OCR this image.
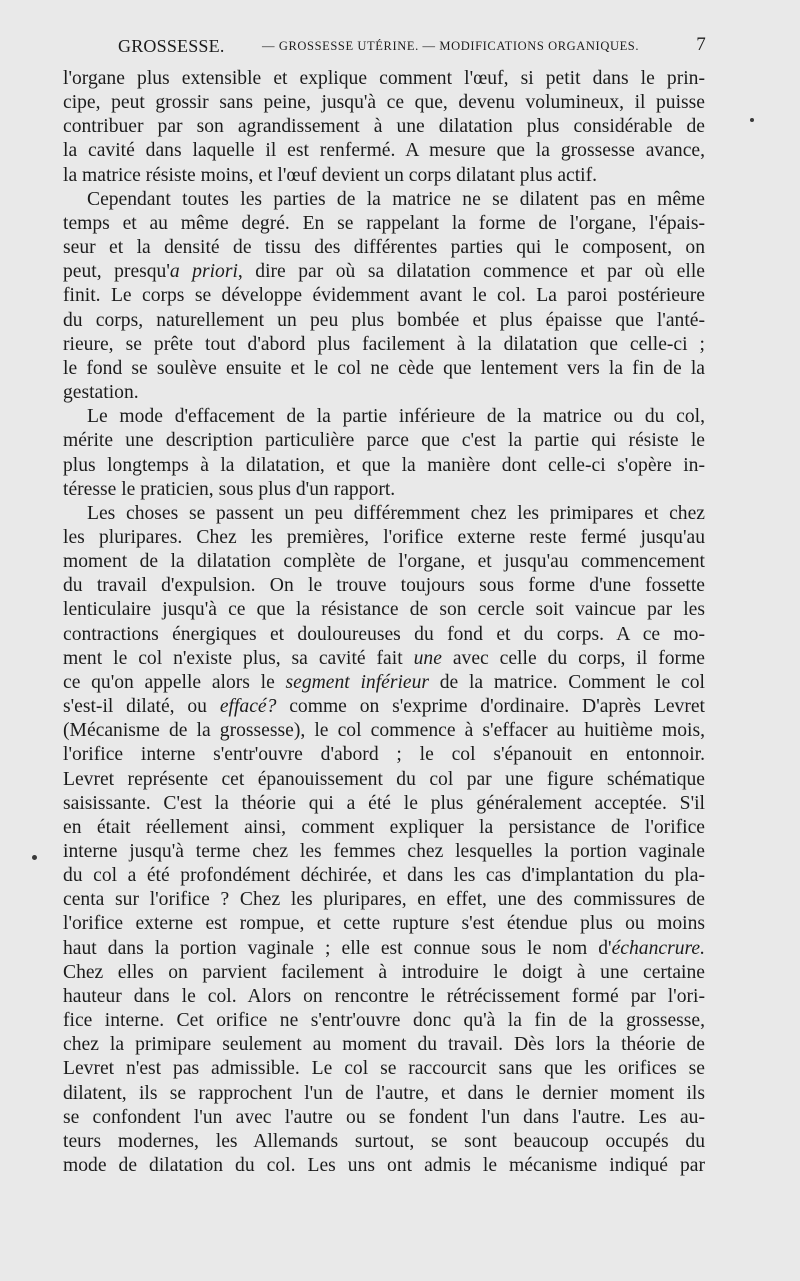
GROSSESSE.	— GROSSESSE UTÉRINE. — MODIFICATIONS ORGANIQUES.	7
l'organe plus extensible et explique comment l'œuf, si petit dans le prin-
cipe, peut grossir sans peine, jusqu'à ce que, devenu volumineux, il puisse
contribuer par son agrandissement à une dilatation plus considérable de
la cavité dans laquelle il est renfermé. A mesure que la grossesse avance,
la matrice résiste moins, et l'œuf devient un corps dilatant plus actif.
Cependant toutes les parties de la matrice ne se dilatent pas en même
temps et au même degré. En se rappelant la forme de l'organe, l'épais-
seur et la densité de tissu des différentes parties qui le composent, on
peut, presqu'a priori, dire par où sa dilatation commence et par où elle
finit. Le corps se développe évidemment avant le col. La paroi postérieure
du corps, naturellement un peu plus bombée et plus épaisse que l'anté-
rieure, se prête tout d'abord plus facilement à la dilatation que celle-ci ;
le fond se soulève ensuite et le col ne cède que lentement vers la fin de la
gestation.
Le mode d'effacement de la partie inférieure de la matrice ou du col,
mérite une description particulière parce que c'est la partie qui résiste le
plus longtemps à la dilatation, et que la manière dont celle-ci s'opère in-
téresse le praticien, sous plus d'un rapport.
Les choses se passent un peu différemment chez les primipares et chez
les pluripares. Chez les premières, l'orifice externe reste fermé jusqu'au
moment de la dilatation complète de l'organe, et jusqu'au commencement
du travail d'expulsion. On le trouve toujours sous forme d'une fossette
lenticulaire jusqu'à ce que la résistance de son cercle soit vaincue par les
contractions énergiques et douloureuses du fond et du corps. A ce mo-
ment le col n'existe plus, sa cavité fait une avec celle du corps, il forme
ce qu'on appelle alors le segment inférieur de la matrice. Comment le col
s'est-il dilaté, ou effacé? comme on s'exprime d'ordinaire. D'après Levret
(Mécanisme de la grossesse), le col commence à s'effacer au huitième mois,
l'orifice interne s'entr'ouvre d'abord ; le col s'épanouit en entonnoir.
Levret représente cet épanouissement du col par une figure schématique
saisissante. C'est la théorie qui a été le plus généralement acceptée. S'il
en était réellement ainsi, comment expliquer la persistance de l'orifice
interne jusqu'à terme chez les femmes chez lesquelles la portion vaginale
du col a été profondément déchirée, et dans les cas d'implantation du pla-
centa sur l'orifice ? Chez les pluripares, en effet, une des commissures de
l'orifice externe est rompue, et cette rupture s'est étendue plus ou moins
haut dans la portion vaginale ; elle est connue sous le nom d'échancrure.
Chez elles on parvient facilement à introduire le doigt à une certaine
hauteur dans le col. Alors on rencontre le rétrécissement formé par l'ori-
fice interne. Cet orifice ne s'entr'ouvre donc qu'à la fin de la grossesse,
chez la primipare seulement au moment du travail. Dès lors la théorie de
Levret n'est pas admissible. Le col se raccourcit sans que les orifices se
dilatent, ils se rapprochent l'un de l'autre, et dans le dernier moment ils
se confondent l'un avec l'autre ou se fondent l'un dans l'autre. Les au-
teurs modernes, les Allemands surtout, se sont beaucoup occupés du
mode de dilatation du col. Les uns ont admis le mécanisme indiqué par
